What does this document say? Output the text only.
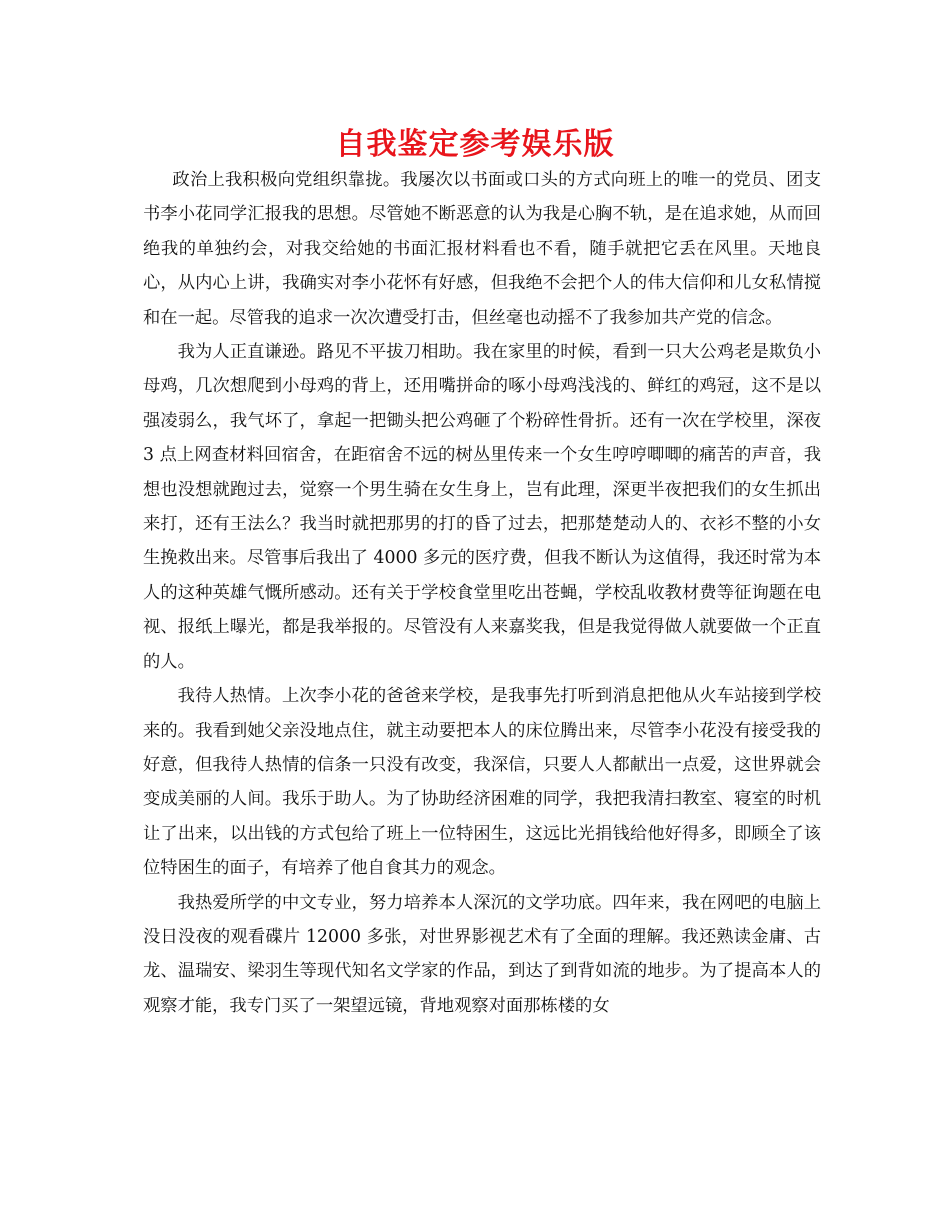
自我鉴定参考娱乐版

政治上我积极向党组织靠拢。我屡次以书面或口头的方式向班上的唯一的党员、团支书李小花同学汇报我的思想。尽管她不断恶意的认为我是心胸不轨，是在追求她，从而回绝我的单独约会，对我交给她的书面汇报材料看也不看，随手就把它丢在风里。天地良心，从内心上讲，我确实对李小花怀有好感，但我绝不会把个人的伟大信仰和儿女私情搅和在一起。尽管我的追求一次次遭受打击，但丝毫也动摇不了我参加共产党的信念。

我为人正直谦逊。路见不平拔刀相助。我在家里的时候，看到一只大公鸡老是欺负小母鸡，几次想爬到小母鸡的背上，还用嘴拼命的啄小母鸡浅浅的、鲜红的鸡冠，这不是以强凌弱么，我气坏了，拿起一把锄头把公鸡砸了个粉碎性骨折。还有一次在学校里，深夜 3 点上网查材料回宿舍，在距宿舍不远的树丛里传来一个女生哼哼唧唧的痛苦的声音，我想也没想就跑过去，觉察一个男生骑在女生身上，岂有此理，深更半夜把我们的女生抓出来打，还有王法么？我当时就把那男的打的昏了过去，把那楚楚动人的、衣衫不整的小女生挽救出来。尽管事后我出了 4000 多元的医疗费，但我不断认为这值得，我还时常为本人的这种英雄气慨所感动。还有关于学校食堂里吃出苍蝇，学校乱收教材费等征询题在电视、报纸上曝光，都是我举报的。尽管没有人来嘉奖我，但是我觉得做人就要做一个正直的人。

我待人热情。上次李小花的爸爸来学校，是我事先打听到消息把他从火车站接到学校来的。我看到她父亲没地点住，就主动要把本人的床位腾出来，尽管李小花没有接受我的好意，但我待人热情的信条一只没有改变，我深信，只要人人都献出一点爱，这世界就会变成美丽的人间。我乐于助人。为了协助经济困难的同学，我把我清扫教室、寝室的时机让了出来，以出钱的方式包给了班上一位特困生，这远比光捐钱给他好得多，即顾全了该位特困生的面子，有培养了他自食其力的观念。

我热爱所学的中文专业，努力培养本人深沉的文学功底。四年来，我在网吧的电脑上没日没夜的观看碟片 12000 多张，对世界影视艺术有了全面的理解。我还熟读金庸、古龙、温瑞安、梁羽生等现代知名文学家的作品，到达了到背如流的地步。为了提高本人的观察才能，我专门买了一架望远镜，背地观察对面那栋楼的女
